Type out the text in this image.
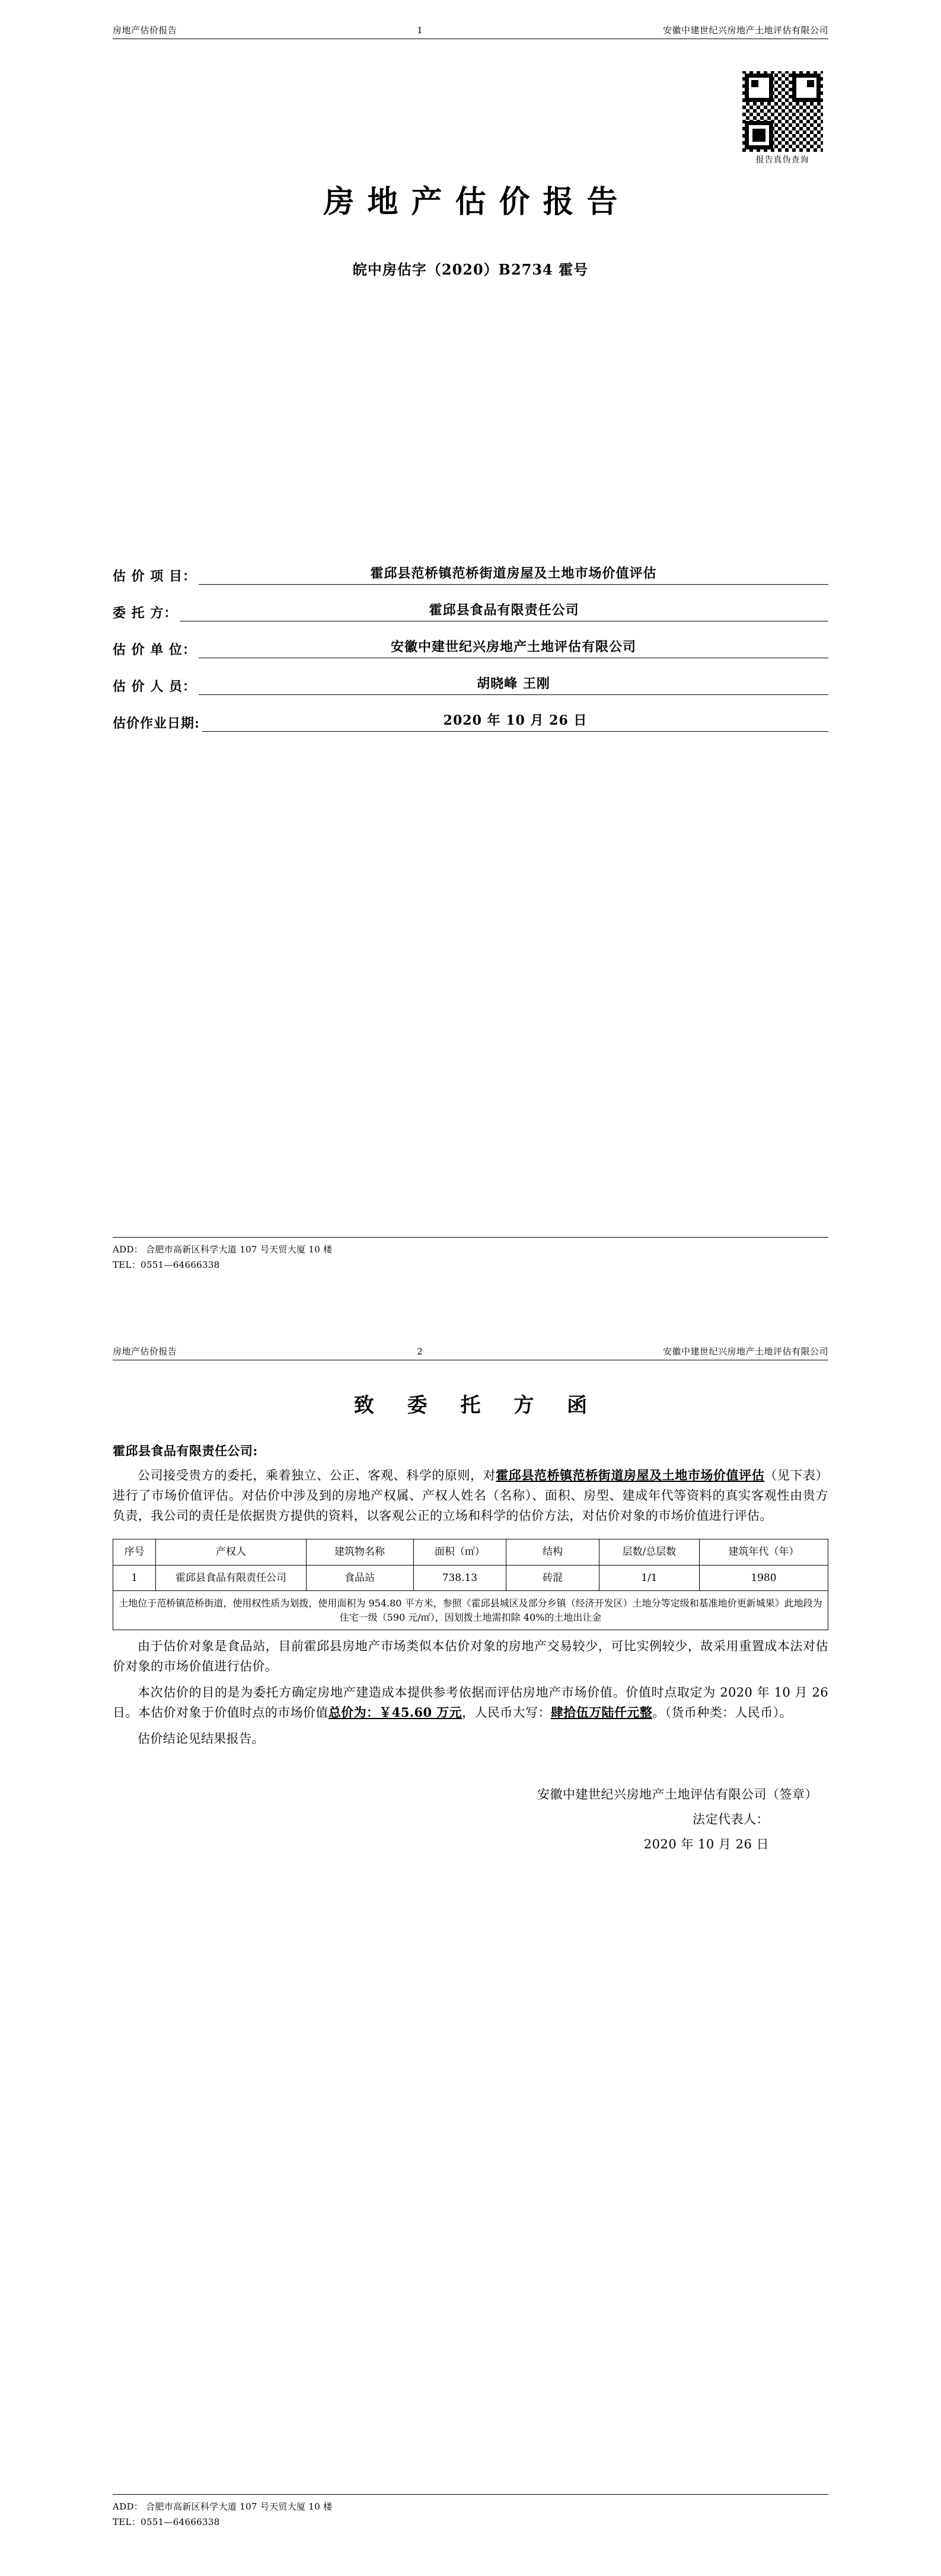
房地产估价报告	1	安徽中建世纪兴房地产土地评估有限公司
报告真伪查询
房地产估价报告
皖中房估字（2020）B2734 霍号
估 价 项 目：	霍邱县范桥镇范桥街道房屋及土地市场价值评估
委 托 方：	霍邱县食品有限责任公司
估 价 单 位：	安徽中建世纪兴房地产土地评估有限公司
估 价 人 员：	胡晓峰 王刚
估价作业日期:	2020 年 10 月 26 日
ADD： 合肥市高新区科学大道 107 号天贸大厦 10 楼
TEL：0551—64666338
房地产估价报告	2	安徽中建世纪兴房地产土地评估有限公司
致 委 托 方 函
霍邱县食品有限责任公司:
公司接受贵方的委托，乘着独立、公正、客观、科学的原则，对霍邱县范桥镇范桥街道房屋及土地市场价值评估（见下表）进行了市场价值评估。对估价中涉及到的房地产权属、产权人姓名（名称）、面积、房型、建成年代等资料的真实客观性由贵方负责，我公司的责任是依据贵方提供的资料，以客观公正的立场和科学的估价方法，对估价对象的市场价值进行评估。
序号	产权人	建筑物名称	面积（㎡）	结构	层数/总层数	建筑年代（年）
1	霍邱县食品有限责任公司	食品站	738.13	砖混	1/1	1980
土地位于范桥镇范桥街道，使用权性质为划拨，使用面积为 954.80 平方米，参照《霍邱县城区及部分乡镇（经济开发区）土地分等定级和基准地价更新城果》此地段为住宅一级（590 元/㎡），因划拨土地需扣除 40%的土地出让金						
由于估价对象是食品站，目前霍邱县房地产市场类似本估价对象的房地产交易较少，可比实例较少，故采用重置成本法对估价对象的市场价值进行估价。
本次估价的目的是为委托方确定房地产建造成本提供参考依据而评估房地产市场价值。价值时点取定为 2020 年 10 月 26 日。本估价对象于价值时点的市场价值总价为：￥45.60 万元，人民币大写：肆拾伍万陆仟元整。（货币种类：人民币）。
估价结论见结果报告。
安徽中建世纪兴房地产土地评估有限公司（签章）
法定代表人：
2020 年 10 月 26 日
ADD： 合肥市高新区科学大道 107 号天贸大厦 10 楼
TEL：0551—64666338
